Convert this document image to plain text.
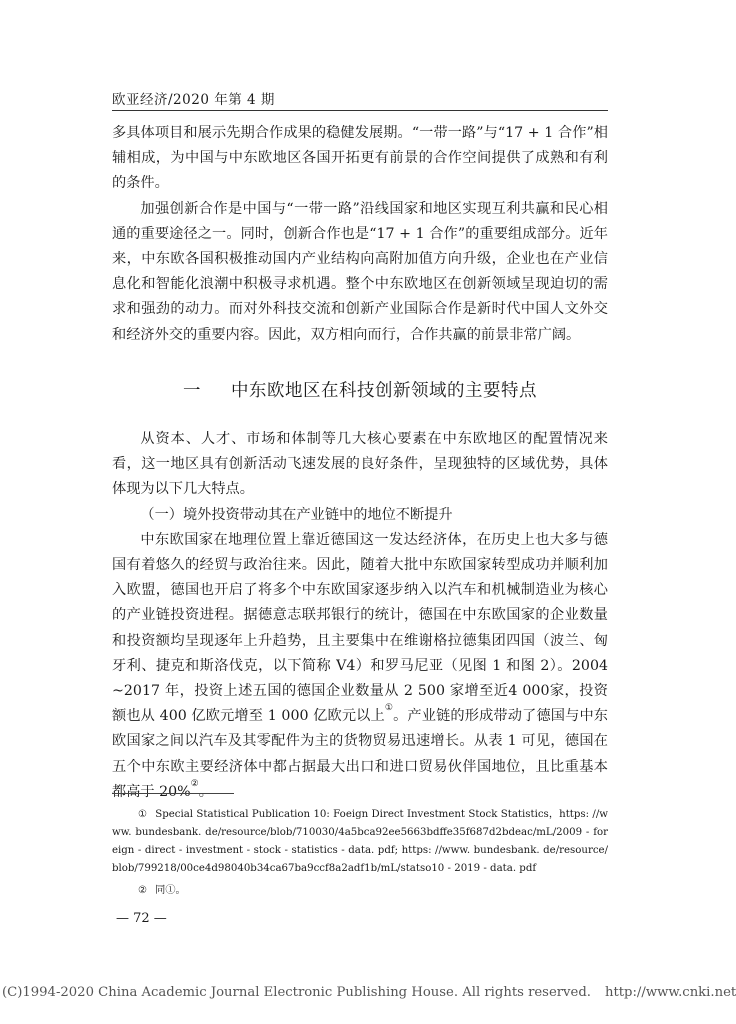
欧亚经济/2020 年第 4 期

多具体项目和展示先期合作成果的稳健发展期。“一带一路”与“17 + 1 合作”相辅相成，为中国与中东欧地区各国开拓更有前景的合作空间提供了成熟和有利的条件。

加强创新合作是中国与“一带一路”沿线国家和地区实现互利共赢和民心相通的重要途径之一。同时，创新合作也是“17 + 1 合作”的重要组成部分。近年来，中东欧各国积极推动国内产业结构向高附加值方向升级，企业也在产业信息化和智能化浪潮中积极寻求机遇。整个中东欧地区在创新领域呈现迫切的需求和强劲的动力。而对外科技交流和创新产业国际合作是新时代中国人文外交和经济外交的重要内容。因此，双方相向而行，合作共赢的前景非常广阔。

一 中东欧地区在科技创新领域的主要特点

从资本、人才、市场和体制等几大核心要素在中东欧地区的配置情况来看，这一地区具有创新活动飞速发展的良好条件，呈现独特的区域优势，具体体现为以下几大特点。

（一）境外投资带动其在产业链中的地位不断提升

中东欧国家在地理位置上靠近德国这一发达经济体，在历史上也大多与德国有着悠久的经贸与政治往来。因此，随着大批中东欧国家转型成功并顺利加入欧盟，德国也开启了将多个中东欧国家逐步纳入以汽车和机械制造业为核心的产业链投资进程。据德意志联邦银行的统计，德国在中东欧国家的企业数量和投资额均呈现逐年上升趋势，且主要集中在维谢格拉德集团四国（波兰、匈牙利、捷克和斯洛伐克，以下简称 V4）和罗马尼亚（见图 1 和图 2）。2004 ~2017 年，投资上述五国的德国企业数量从 2 500 家增至近4 000家，投资额也从 400 亿欧元增至 1 000 亿欧元以上①。产业链的形成带动了德国与中东欧国家之间以汽车及其零配件为主的货物贸易迅速增长。从表 1 可见，德国在五个中东欧主要经济体中都占据最大出口和进口贸易伙伴国地位，且比重基本都高于 20%②。

① Special Statistical Publication 10: Foeign Direct Investment Stock Statistics，https: //www. bundesbank. de/resource/blob/710030/4a5bca92ee5663bdffe35f687d2bdeac/mL/2009 - foreign - direct - investment - stock - statistics - data. pdf; https: //www. bundesbank. de/resource/blob/799218/00ce4d98040b34ca67ba9ccf8a2adf1b/mL/statso10 - 2019 - data. pdf

② 同①。

— 72 —
(C)1994-2020 China Academic Journal Electronic Publishing House. All rights reserved. http://www.cnki.net
